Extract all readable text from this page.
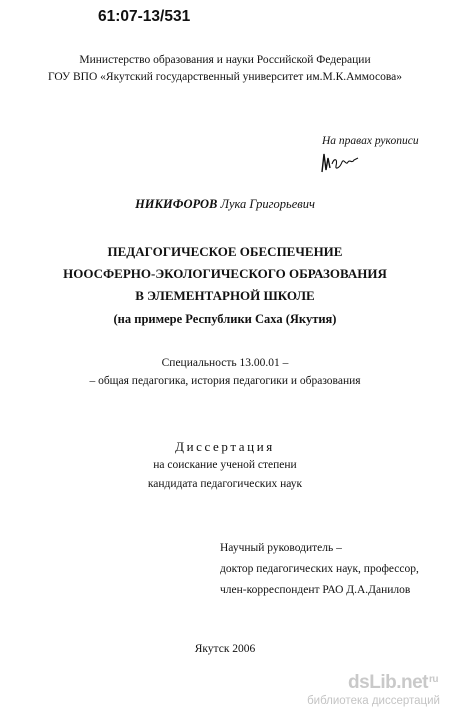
61:07-13/531
Министерство образования и науки Российской Федерации
ГОУ ВПО «Якутский государственный университет им.М.К.Аммосова»
На правах рукописи
НИКИФОРОВ Лука Григорьевич
ПЕДАГОГИЧЕСКОЕ ОБЕСПЕЧЕНИЕ
НООСФЕРНО-ЭКОЛОГИЧЕСКОГО ОБРАЗОВАНИЯ
В ЭЛЕМЕНТАРНОЙ ШКОЛЕ
(на примере Республики Саха (Якутия)
Специальность 13.00.01 –
– общая педагогика, история педагогики и образования
Диссертация
на соискание ученой степени
кандидата педагогических наук
Научный руководитель –
доктор педагогических наук, профессор,
член-корреспондент РАО Д.А.Данилов
Якутск 2006
dsLib.net$^{ru}$
библиотека диссертаций
